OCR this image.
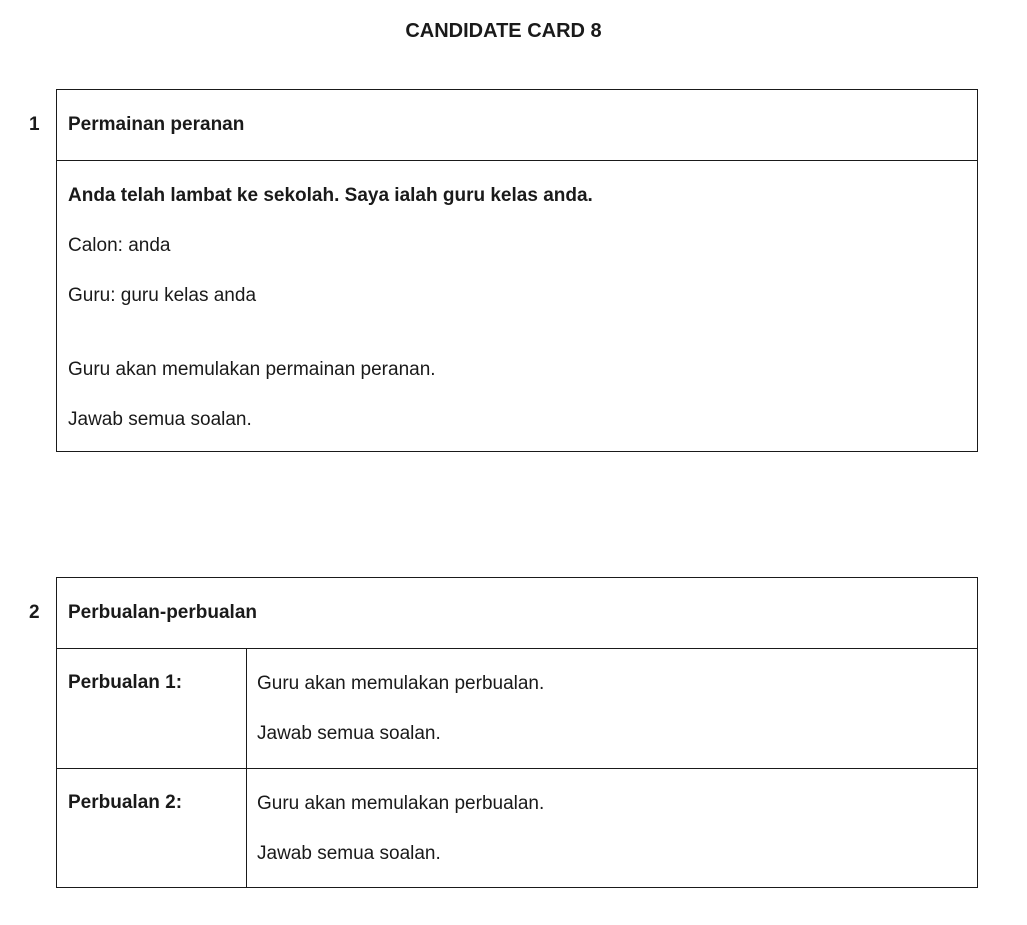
CANDIDATE CARD 8
1	Permainan peranan

Anda telah lambat ke sekolah. Saya ialah guru kelas anda.

Calon: anda

Guru: guru kelas anda

Guru akan memulakan permainan peranan.

Jawab semua soalan.

2	Perbualan-perbualan
Perbualan 1:	Guru akan memulakan perbualan.

Jawab semua soalan.

Perbualan 2:	Guru akan memulakan perbualan.

Jawab semua soalan.
